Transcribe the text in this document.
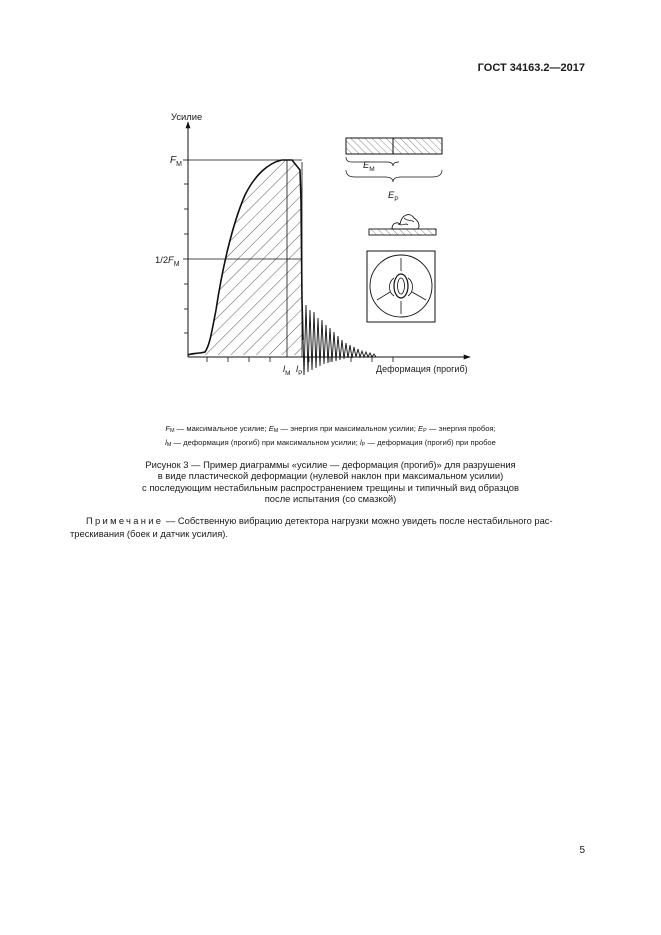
ГОСТ 34163.2—2017
Усилие
Деформация (прогиб)
$F_M$
$1/2F_M$
$l_M$ $l_P$
$E_M$
$E_P$
$F_M$ — максимальное усилие; $E_M$ — энергия при максимальном усилии; $E_P$ — энергия пробоя;
$l_M$ — деформация (прогиб) при максимальном усилии; $l_P$ — деформация (прогиб) при пробое
Рисунок 3 — Пример диаграммы «усилие — деформация (прогиб)» для разрушения
в виде пластической деформации (нулевой наклон при максимальном усилии)
с последующим нестабильным распространением трещины и типичный вид образцов
после испытания (со смазкой)
Примечание — Собственную вибрацию детектора нагрузки можно увидеть после нестабильного рас-
трескивания (боек и датчик усилия).
5
